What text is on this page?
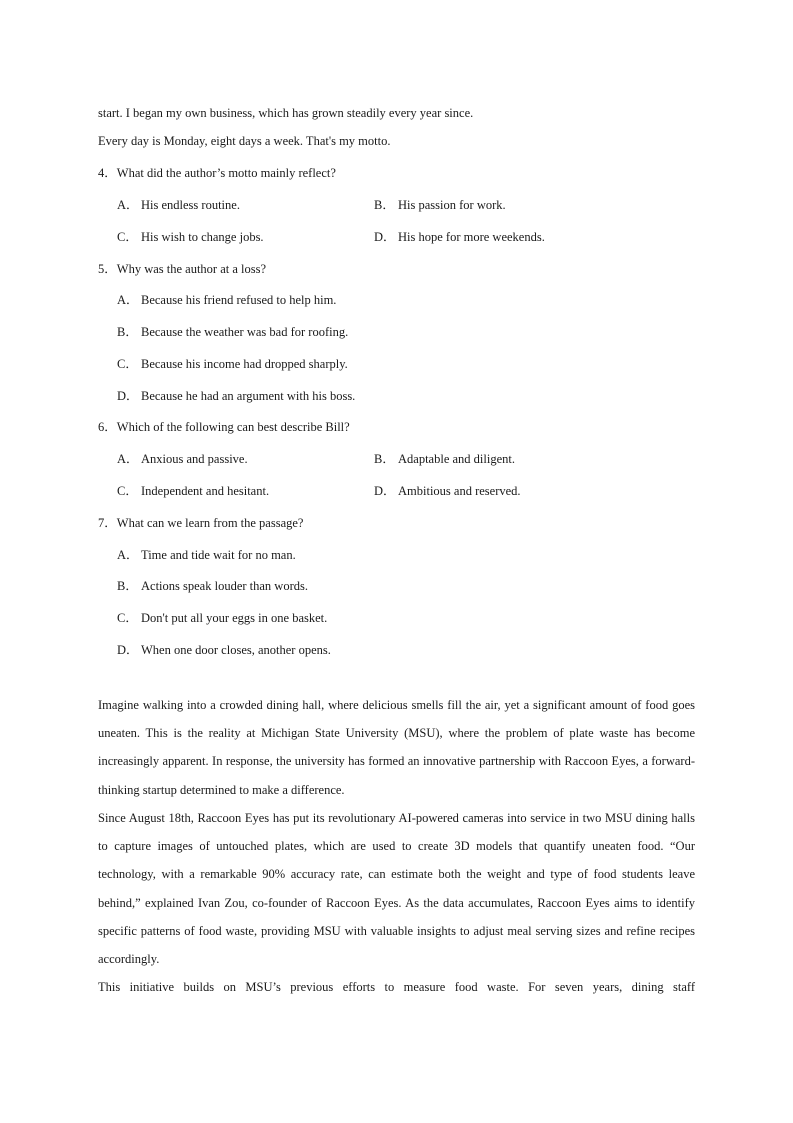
start. I began my own business, which has grown steadily every year since.
Every day is Monday, eight days a week. That's my motto.
4．What did the author’s motto mainly reflect?
A． His endless routine.	B． His passion for work.
C． His wish to change jobs.	D． His hope for more weekends.
5．Why was the author at a loss?
A． Because his friend refused to help him.
B． Because the weather was bad for roofing.
C． Because his income had dropped sharply.
D． Because he had an argument with his boss.
6．Which of the following can best describe Bill?
A． Anxious and passive.	B． Adaptable and diligent.
C． Independent and hesitant.	D． Ambitious and reserved.
7．What can we learn from the passage?
A． Time and tide wait for no man.
B． Actions speak louder than words.
C． Don't put all your eggs in one basket.
D． When one door closes, another opens.

Imagine walking into a crowded dining hall, where delicious smells fill the air, yet a significant amount of food goes uneaten. This is the reality at Michigan State University (MSU), where the problem of plate waste has become increasingly apparent. In response, the university has formed an innovative partnership with Raccoon Eyes, a forward-thinking startup determined to make a difference.

Since August 18th, Raccoon Eyes has put its revolutionary AI-powered cameras into service in two MSU dining halls to capture images of untouched plates, which are used to create 3D models that quantify uneaten food. “Our technology, with a remarkable 90% accuracy rate, can estimate both the weight and type of food students leave behind,” explained Ivan Zou, co-founder of Raccoon Eyes. As the data accumulates, Raccoon Eyes aims to identify specific patterns of food waste, providing MSU with valuable insights to adjust meal serving sizes and refine recipes accordingly.

This initiative builds on MSU’s previous efforts to measure food waste. For seven years, dining staff
